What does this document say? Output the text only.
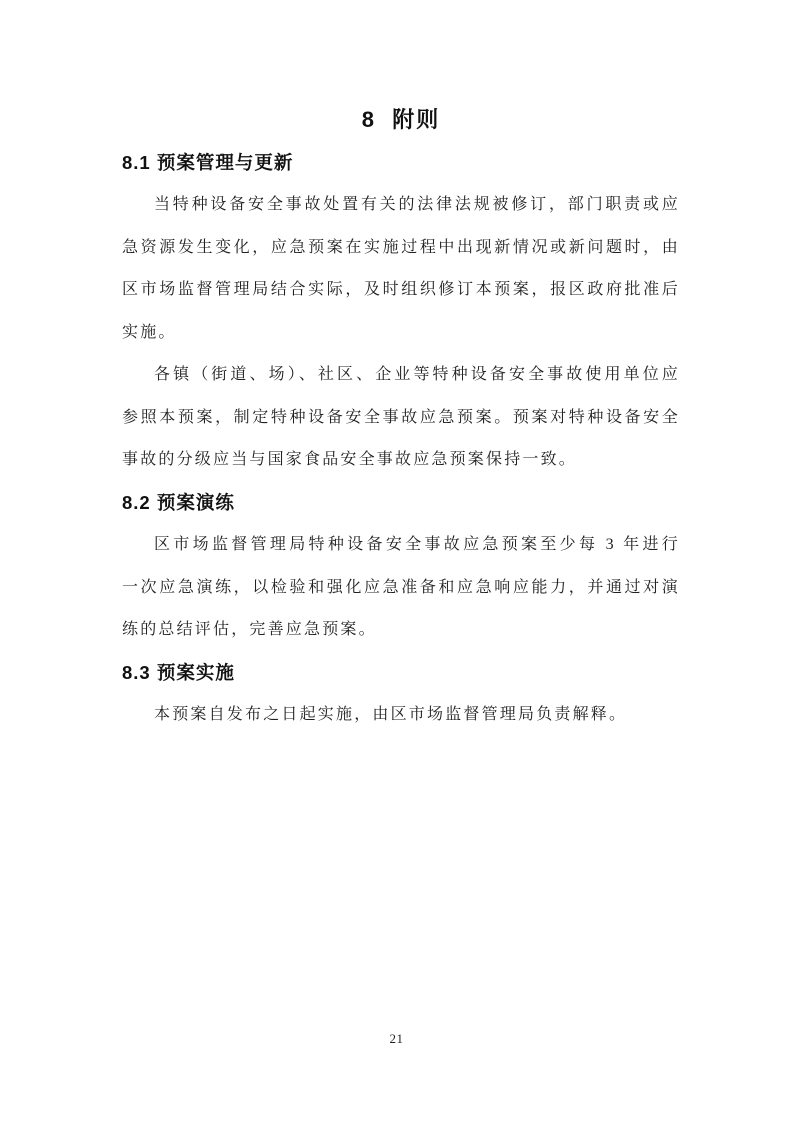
8  附则
8.1 预案管理与更新
当特种设备安全事故处置有关的法律法规被修订，部门职责或应
急资源发生变化，应急预案在实施过程中出现新情况或新问题时，由
区市场监督管理局结合实际，及时组织修订本预案，报区政府批准后
实施。
各镇（街道、场）、社区、企业等特种设备安全事故使用单位应
参照本预案，制定特种设备安全事故应急预案。预案对特种设备安全
事故的分级应当与国家食品安全事故应急预案保持一致。
8.2 预案演练
区市场监督管理局特种设备安全事故应急预案至少每 3 年进行
一次应急演练，以检验和强化应急准备和应急响应能力，并通过对演
练的总结评估，完善应急预案。
8.3 预案实施
本预案自发布之日起实施，由区市场监督管理局负责解释。
21
